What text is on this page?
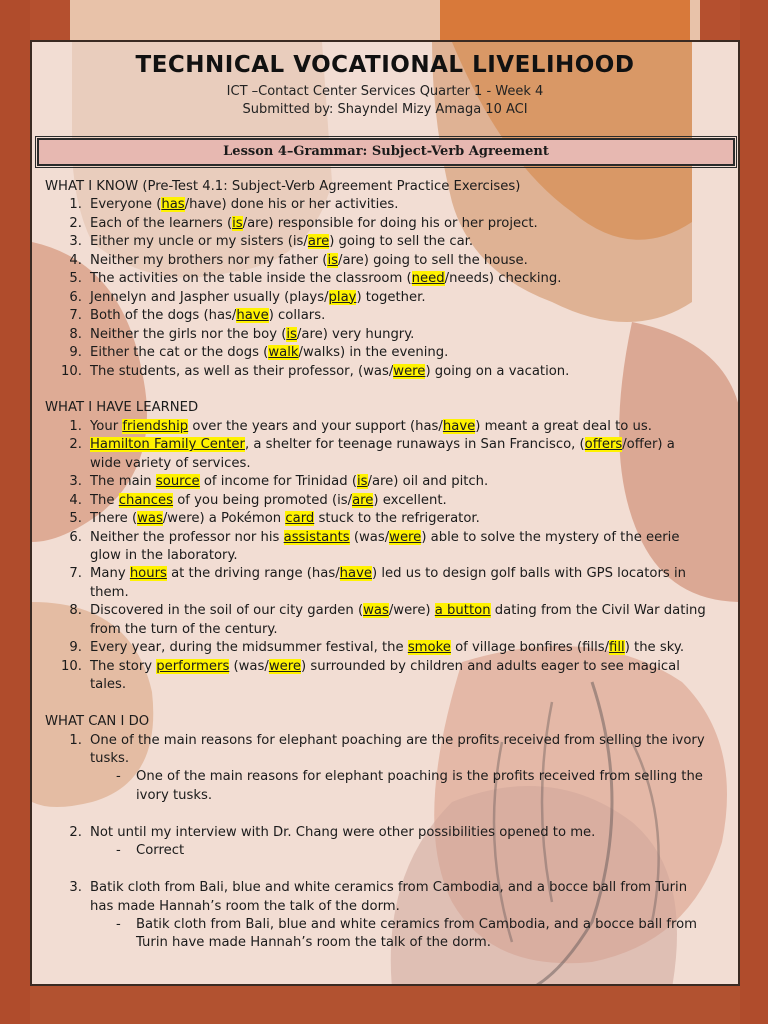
TECHNICAL VOCATIONAL LIVELIHOOD
ICT –Contact Center Services Quarter 1 - Week 4
Submitted by: Shayndel Mizy Amaga 10 ACI
Lesson 4–Grammar: Subject-Verb Agreement
WHAT I KNOW (Pre-Test 4.1: Subject-Verb Agreement Practice Exercises)
1. Everyone (has/have) done his or her activities.
2. Each of the learners (is/are) responsible for doing his or her project.
3. Either my uncle or my sisters (is/are) going to sell the car.
4. Neither my brothers nor my father (is/are) going to sell the house.
5. The activities on the table inside the classroom (need/needs) checking.
6. Jennelyn and Jaspher usually (plays/play) together.
7. Both of the dogs (has/have) collars.
8. Neither the girls nor the boy (is/are) very hungry.
9. Either the cat or the dogs (walk/walks) in the evening.
10. The students, as well as their professor, (was/were) going on a vacation.
WHAT I HAVE LEARNED
1. Your friendship over the years and your support (has/have) meant a great deal to us.
2. Hamilton Family Center, a shelter for teenage runaways in San Francisco, (offers/offer) a
wide variety of services.
3. The main source of income for Trinidad (is/are) oil and pitch.
4. The chances of you being promoted (is/are) excellent.
5. There (was/were) a Pokémon card stuck to the refrigerator.
6. Neither the professor nor his assistants (was/were) able to solve the mystery of the eerie
glow in the laboratory.
7. Many hours at the driving range (has/have) led us to design golf balls with GPS locators in
them.
8. Discovered in the soil of our city garden (was/were) a button dating from the Civil War dating
from the turn of the century.
9. Every year, during the midsummer festival, the smoke of village bonfires (fills/fill) the sky.
10. The story performers (was/were) surrounded by children and adults eager to see magical
tales.
WHAT CAN I DO
1. One of the main reasons for elephant poaching are the profits received from selling the ivory
tusks.
- One of the main reasons for elephant poaching is the profits received from selling the
ivory tusks.
2. Not until my interview with Dr. Chang were other possibilities opened to me.
- Correct
3. Batik cloth from Bali, blue and white ceramics from Cambodia, and a bocce ball from Turin
has made Hannah’s room the talk of the dorm.
- Batik cloth from Bali, blue and white ceramics from Cambodia, and a bocce ball from
Turin have made Hannah’s room the talk of the dorm.
